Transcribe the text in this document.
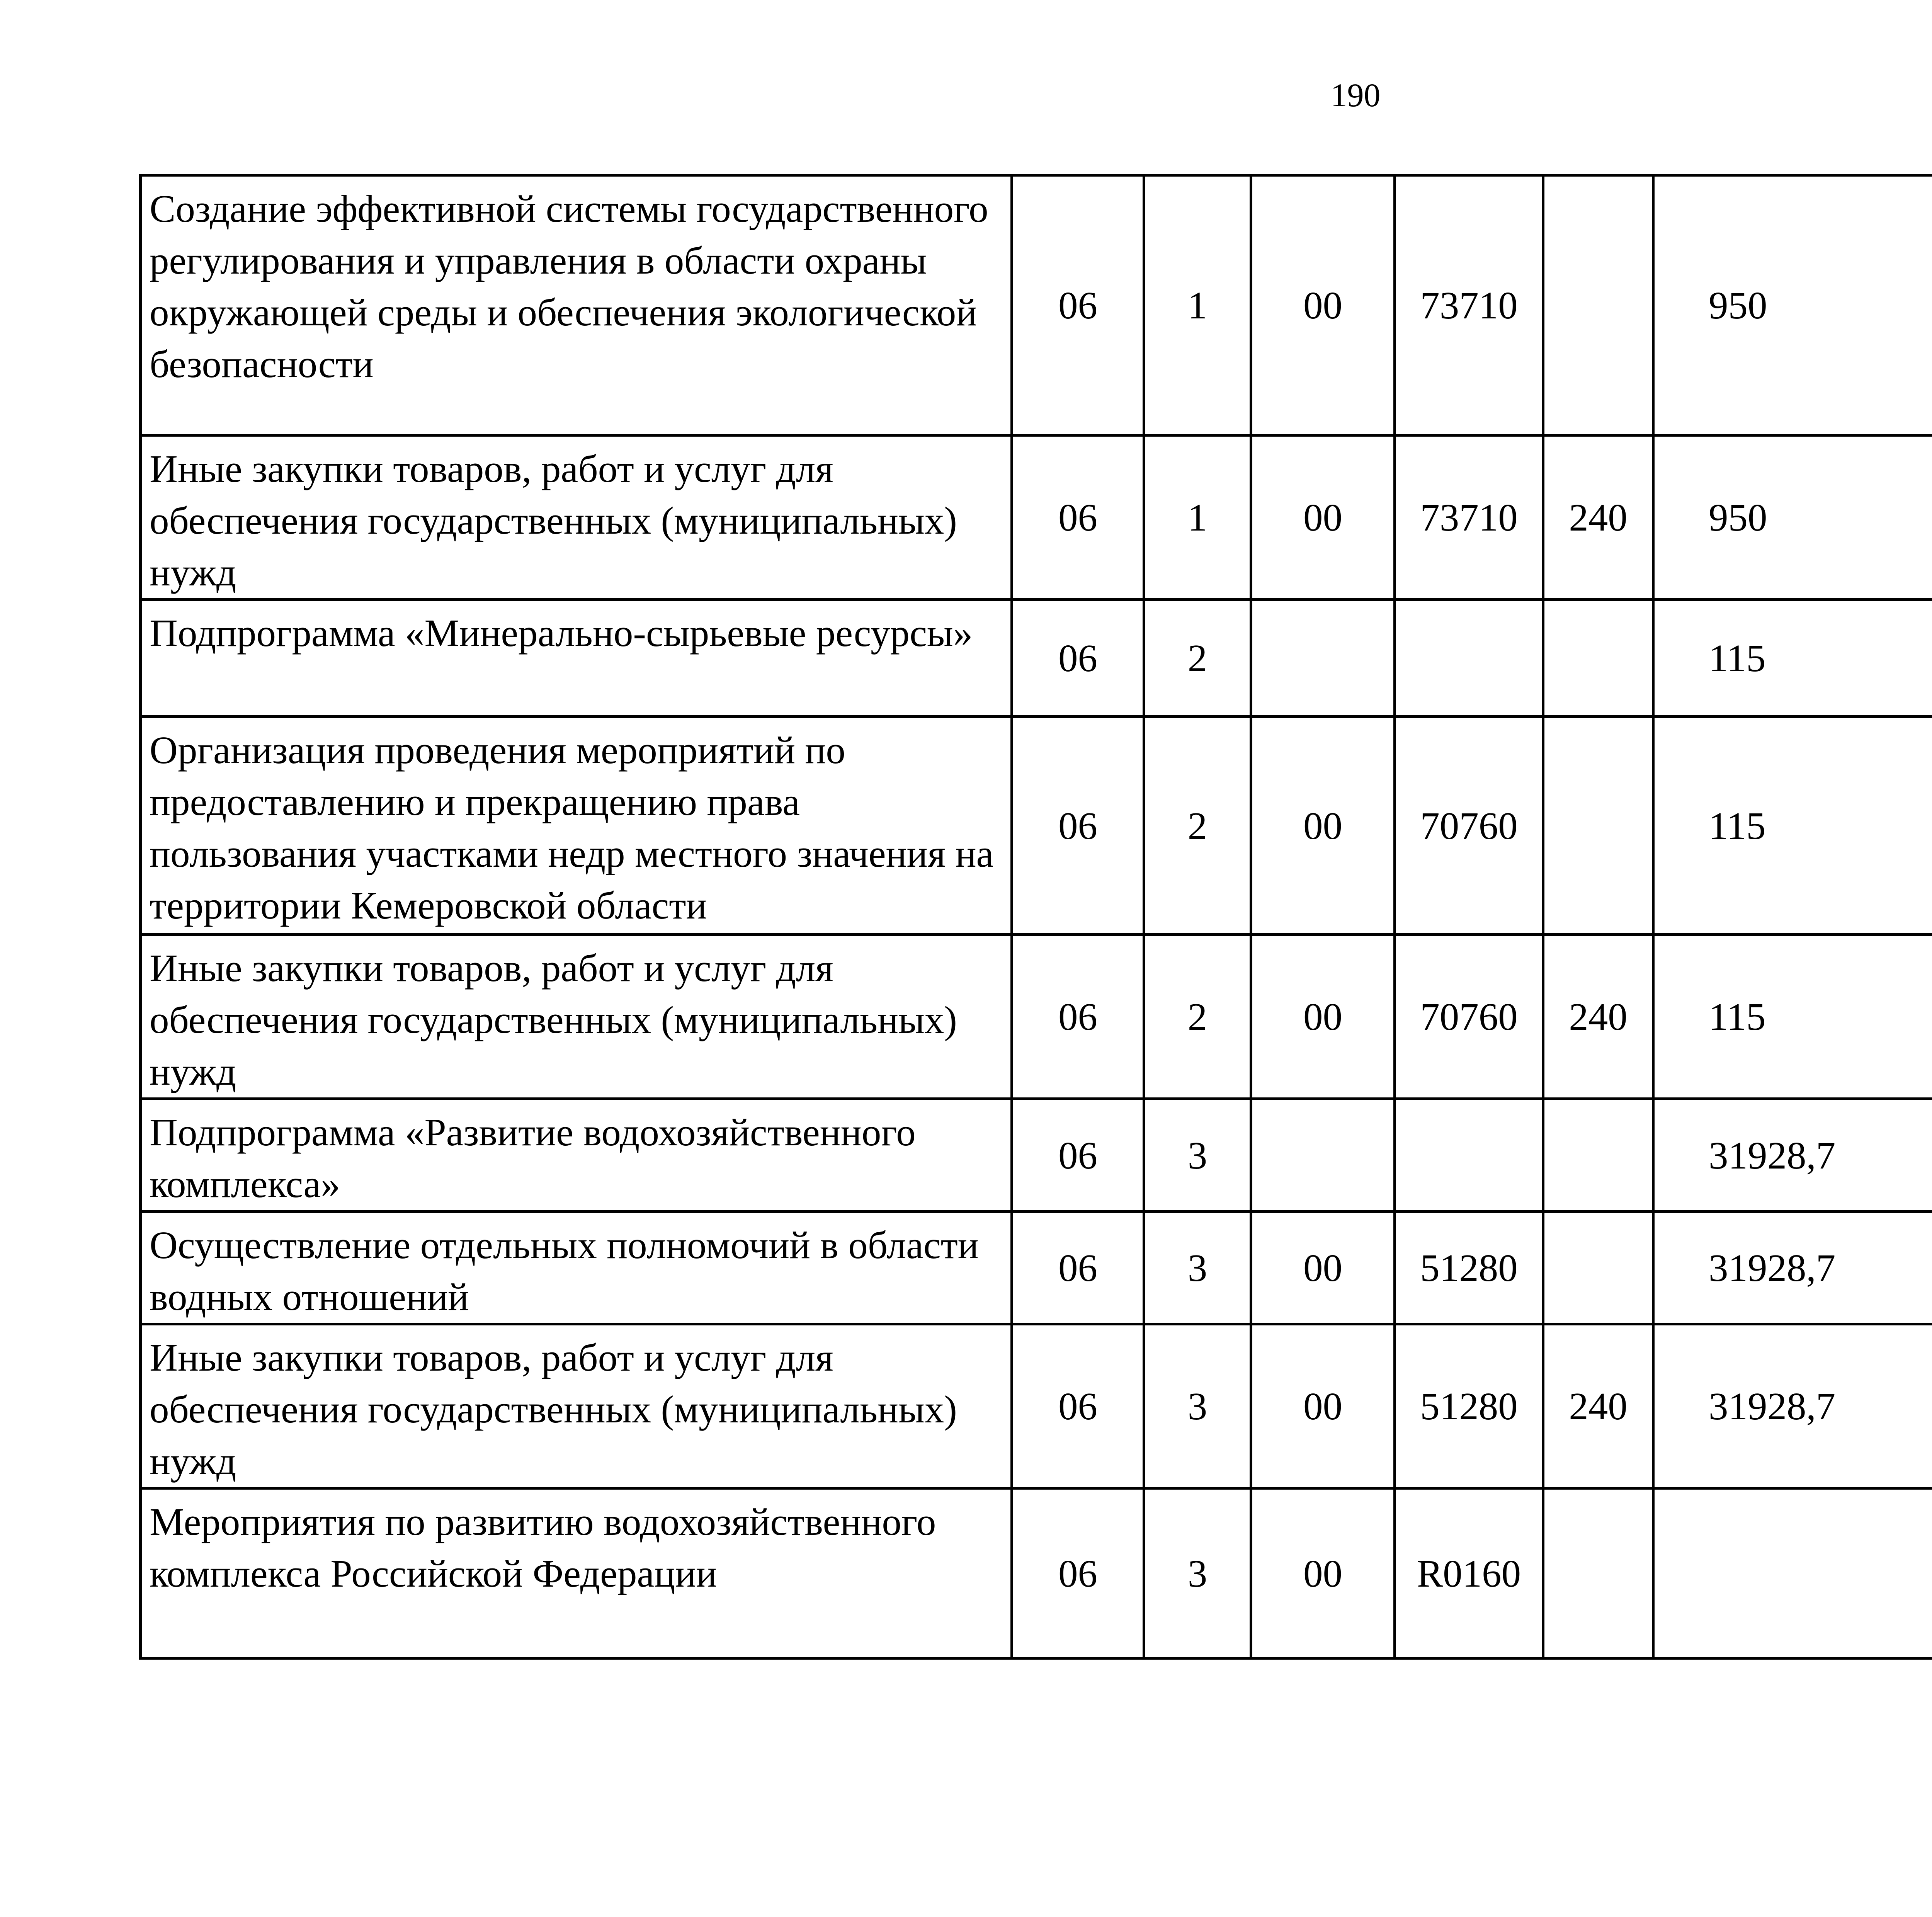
190
Создание эффективной системы государственного регулирования и управления в области охраны окружающей среды и обеспечения экологической безопасности	06	1	00	73710		950		
Иные закупки товаров, работ и услуг для обеспечения государственных (муниципальных) нужд	06	1	00	73710	240	950		
Подпрограмма «Минерально-сырьевые ресурсы»	06	2				115		
Организация проведения мероприятий по предоставлению и прекращению права пользования участками недр местного значения на территории Кемеровской области	06	2	00	70760		115		
Иные закупки товаров, работ и услуг для обеспечения государственных (муниципальных) нужд	06	2	00	70760	240	115		
Подпрограмма «Развитие водохозяйственного комплекса»	06	3				31928,7		
Осуществление отдельных полномочий в области водных отношений	06	3	00	51280		31928,7		
Иные закупки товаров, работ и услуг для обеспечения государственных (муниципальных) нужд	06	3	00	51280	240	31928,7		
Мероприятия по развитию водохозяйственного комплекса Российской Федерации	06	3	00	R0160				
